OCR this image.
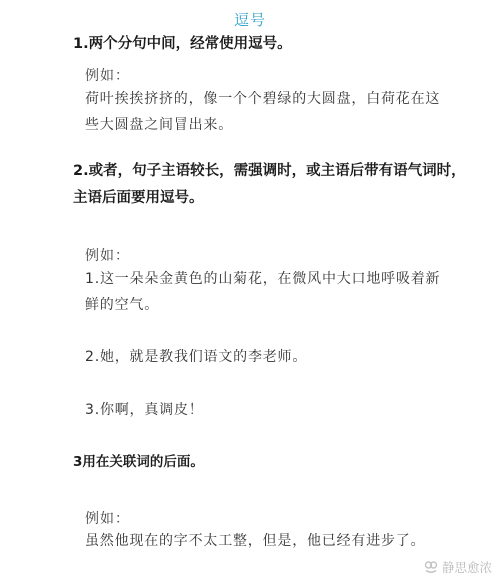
逗号
1.两个分句中间，经常使用逗号。
例如：
荷叶挨挨挤挤的，像一个个碧绿的大圆盘，白荷花在这
些大圆盘之间冒出来。
2.或者，句子主语较长，需强调时，或主语后带有语气词时，
主语后面要用逗号。
例如：
1.这一朵朵金黄色的山菊花，在微风中大口地呼吸着新
鲜的空气。
2.她，就是教我们语文的李老师。
3.你啊，真调皮！
3用在关联词的后面。
例如：
虽然他现在的字不太工整，但是，他已经有进步了。
静思愈浓
